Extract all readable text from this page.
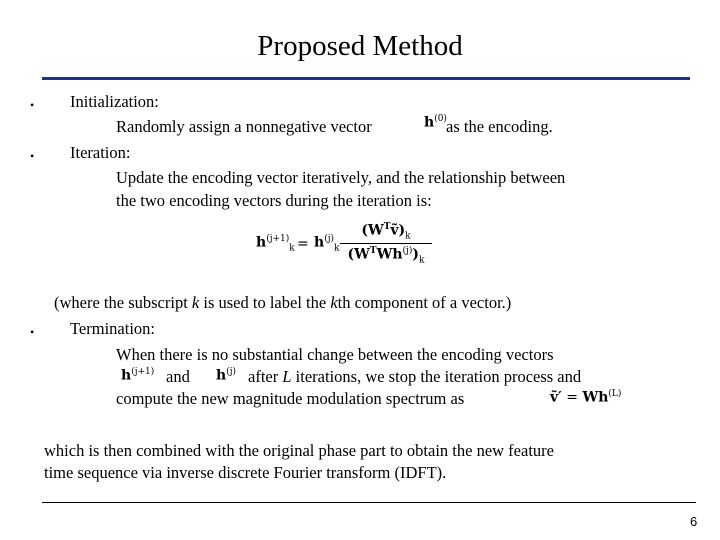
Proposed Method
• Initialization:
Randomly assign a nonnegative vector	$h^{(0)}$ as the encoding.
• Iteration:
Update the encoding vector iteratively, and the relationship between
the two encoding vectors during the iteration is:
$h^{(j+1)}_k = h^{(j)}_k$
$(W^Tṽ)_k$
$(W^TWh^{(j)})_k$
(where the subscript k is used to label the kth component of a vector.)
• Termination:
When there is no substantial change between the encoding vectors
$h^{(j+1)}$ and $h^{(j)}$ after L iterations, we stop the iteration process and
compute the new magnitude modulation spectrum as	ṽ′ = $Wh^{(L)}$
which is then combined with the original phase part to obtain the new feature
time sequence via inverse discrete Fourier transform (IDFT).
6
